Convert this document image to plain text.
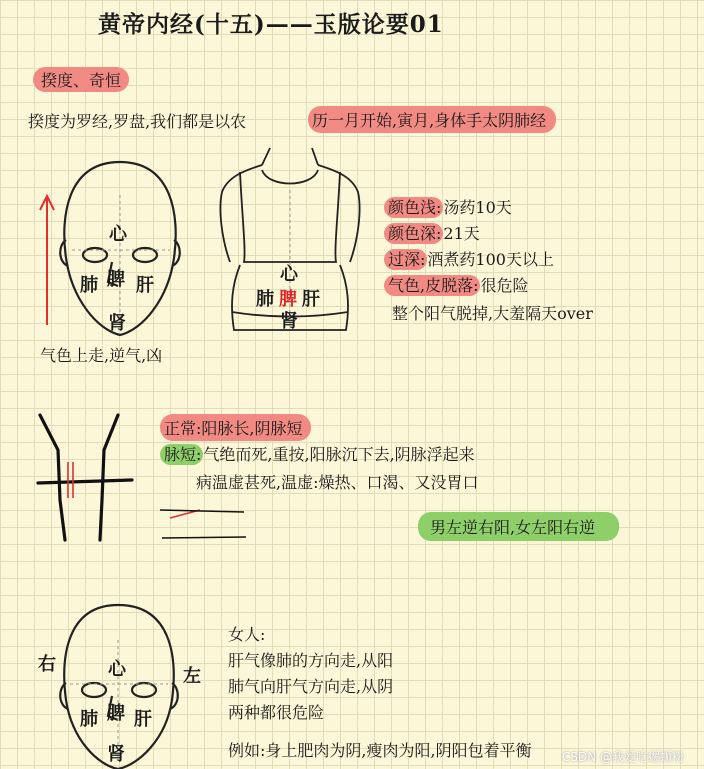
黄帝内经(十五)——玉版论要01
揆度、奇恒
揆度为罗经,罗盘,我们都是以农	历一月开始,寅月,身体手太阴肺经
心
肺 脾 肝
肾
气色上走,逆气,凶
心
肺 脾 肝
肾
颜色浅: 汤药10天
颜色深: 21天
过深: 酒煮药100天以上
气色,皮脱落: 很危险
整个阳气脱掉,大羞隔天over
正常:阳脉长,阴脉短
脉短: 气绝而死,重按,阳脉沉下去,阴脉浮起来
病温虚甚死,温虚:燥热、口渴、又没胃口
男左逆右阳,女左阳右逆
右
左
心
肺 脾 肝
肾
女人:
肝气像肺的方向走,从阳
肺气向肝气方向走,从阴
两种都很危险
例如:身上肥肉为阴,瘦肉为阳,阴阳包着平衡	CSDN @我爱吃螺蛳粉
